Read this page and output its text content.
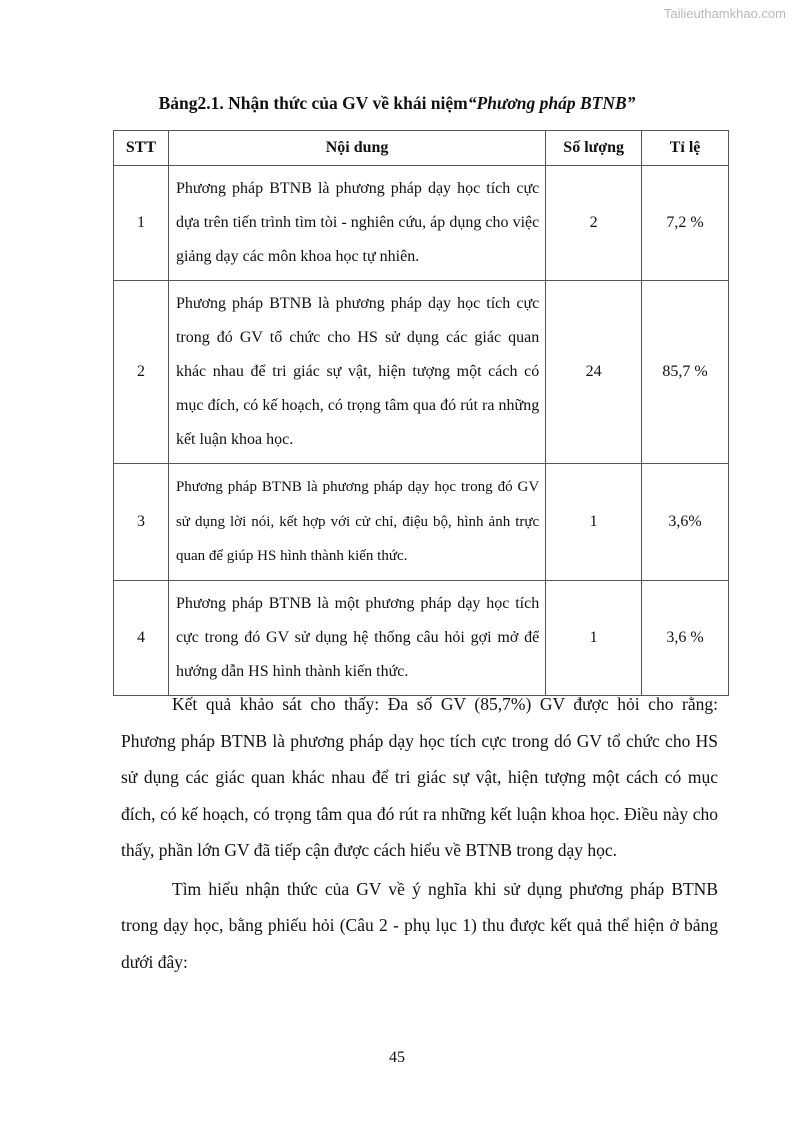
Tailieuthamkhao.com
Bảng2.1. Nhận thức của GV về khái niệm“Phương pháp BTNB”
STT	Nội dung	Số lượng	Tỉ lệ
1	Phương pháp BTNB là phương pháp dạy học tích cực dựa trên tiến trình tìm tòi - nghiên cứu, áp dụng cho việc giảng dạy các môn khoa học tự nhiên.	2	7,2 %
2	Phương pháp BTNB là phương pháp dạy học tích cực trong đó GV tổ chức cho HS sử dụng các giác quan khác nhau để tri giác sự vật, hiện tượng một cách có mục đích, có kế hoạch, có trọng tâm qua đó rút ra những kết luận khoa học.	24	85,7 %
3	Phương pháp BTNB là phương pháp dạy học trong đó GV sử dụng lời nói, kết hợp với cử chỉ, điệu bộ, hình ảnh trực quan để giúp HS hình thành kiến thức.	1	3,6%
4	Phương pháp BTNB là một phương pháp dạy học tích cực trong đó GV sử dụng hệ thống câu hỏi gợi mở để hướng dẫn HS hình thành kiến thức.	1	3,6 %

Kết quả khảo sát cho thấy: Đa số GV (85,7%) GV được hỏi cho rằng: Phương pháp BTNB là phương pháp dạy học tích cực trong dó GV tổ chức cho HS sử dụng các giác quan khác nhau để tri giác sự vật, hiện tượng một cách có mục đích, có kế hoạch, có trọng tâm qua đó rút ra những kết luận khoa học. Điều này cho thấy, phần lớn GV đã tiếp cận được cách hiểu về BTNB trong dạy học.

Tìm hiểu nhận thức của GV về ý nghĩa khi sử dụng phương pháp BTNB trong dạy học, bằng phiếu hỏi (Câu 2 - phụ lục 1) thu được kết quả thể hiện ở bảng dưới đây:

45
